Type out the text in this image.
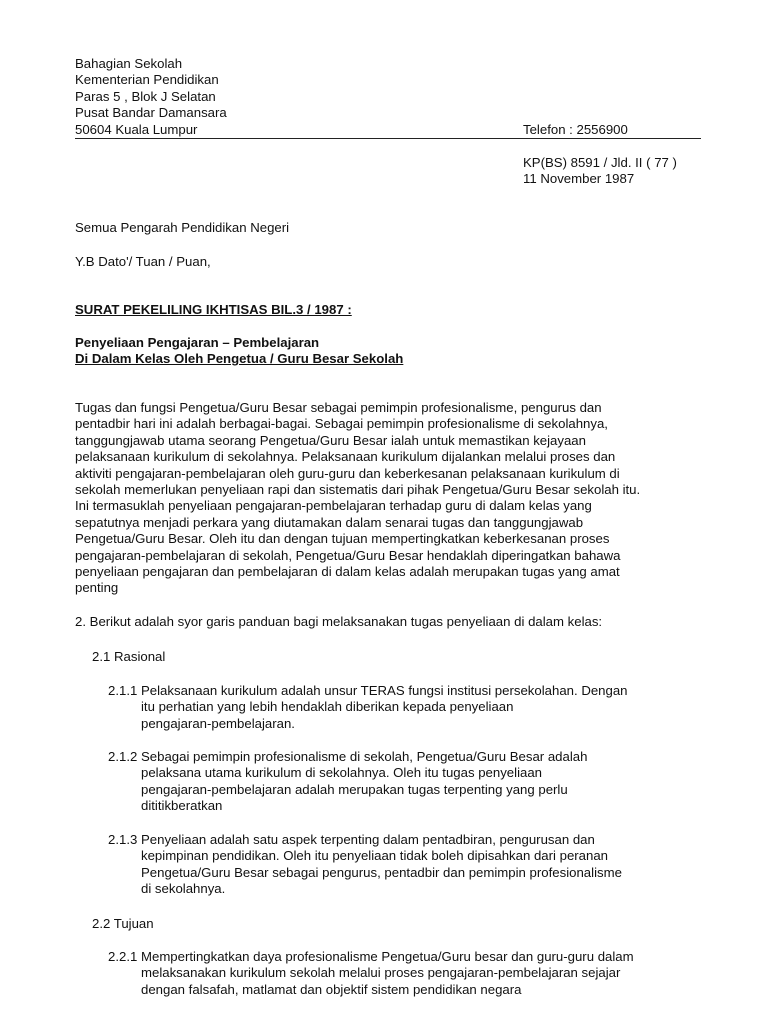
Bahagian Sekolah
Kementerian Pendidikan
Paras 5 , Blok J Selatan
Pusat Bandar Damansara
50604 Kuala Lumpur	Telefon : 2556900
KP(BS) 8591 / Jld. II ( 77 )
11 November 1987
Semua Pengarah Pendidikan Negeri
Y.B Dato'/ Tuan / Puan,
SURAT PEKELILING IKHTISAS BIL.3 / 1987 :
Penyeliaan Pengajaran – Pembelajaran
Di Dalam Kelas Oleh Pengetua / Guru Besar Sekolah
Tugas dan fungsi Pengetua/Guru Besar sebagai pemimpin profesionalisme, pengurus dan
pentadbir hari ini adalah berbagai-bagai. Sebagai pemimpin profesionalisme di sekolahnya,
tanggungjawab utama seorang Pengetua/Guru Besar ialah untuk memastikan kejayaan
pelaksanaan kurikulum di sekolahnya. Pelaksanaan kurikulum dijalankan melalui proses dan
aktiviti pengajaran-pembelajaran oleh guru-guru dan keberkesanan pelaksanaan kurikulum di
sekolah memerlukan penyeliaan rapi dan sistematis dari pihak Pengetua/Guru Besar sekolah itu.
Ini termasuklah penyeliaan pengajaran-pembelajaran terhadap guru di dalam kelas yang
sepatutnya menjadi perkara yang diutamakan dalam senarai tugas dan tanggungjawab
Pengetua/Guru Besar. Oleh itu dan dengan tujuan mempertingkatkan keberkesanan proses
pengajaran-pembelajaran di sekolah, Pengetua/Guru Besar hendaklah diperingatkan bahawa
penyeliaan pengajaran dan pembelajaran di dalam kelas adalah merupakan tugas yang amat
penting
2. Berikut adalah syor garis panduan bagi melaksanakan tugas penyeliaan di dalam kelas:
2.1 Rasional
2.1.1 Pelaksanaan kurikulum adalah unsur TERAS fungsi institusi persekolahan. Dengan
itu perhatian yang lebih hendaklah diberikan kepada penyeliaan
pengajaran-pembelajaran.
2.1.2 Sebagai pemimpin profesionalisme di sekolah, Pengetua/Guru Besar adalah
pelaksana utama kurikulum di sekolahnya. Oleh itu tugas penyeliaan
pengajaran-pembelajaran adalah merupakan tugas terpenting yang perlu
dititikberatkan
2.1.3 Penyeliaan adalah satu aspek terpenting dalam pentadbiran, pengurusan dan
kepimpinan pendidikan. Oleh itu penyeliaan tidak boleh dipisahkan dari peranan
Pengetua/Guru Besar sebagai pengurus, pentadbir dan pemimpin profesionalisme
di sekolahnya.
2.2 Tujuan
2.2.1 Mempertingkatkan daya profesionalisme Pengetua/Guru besar dan guru-guru dalam
melaksanakan kurikulum sekolah melalui proses pengajaran-pembelajaran sejajar
dengan falsafah, matlamat dan objektif sistem pendidikan negara
